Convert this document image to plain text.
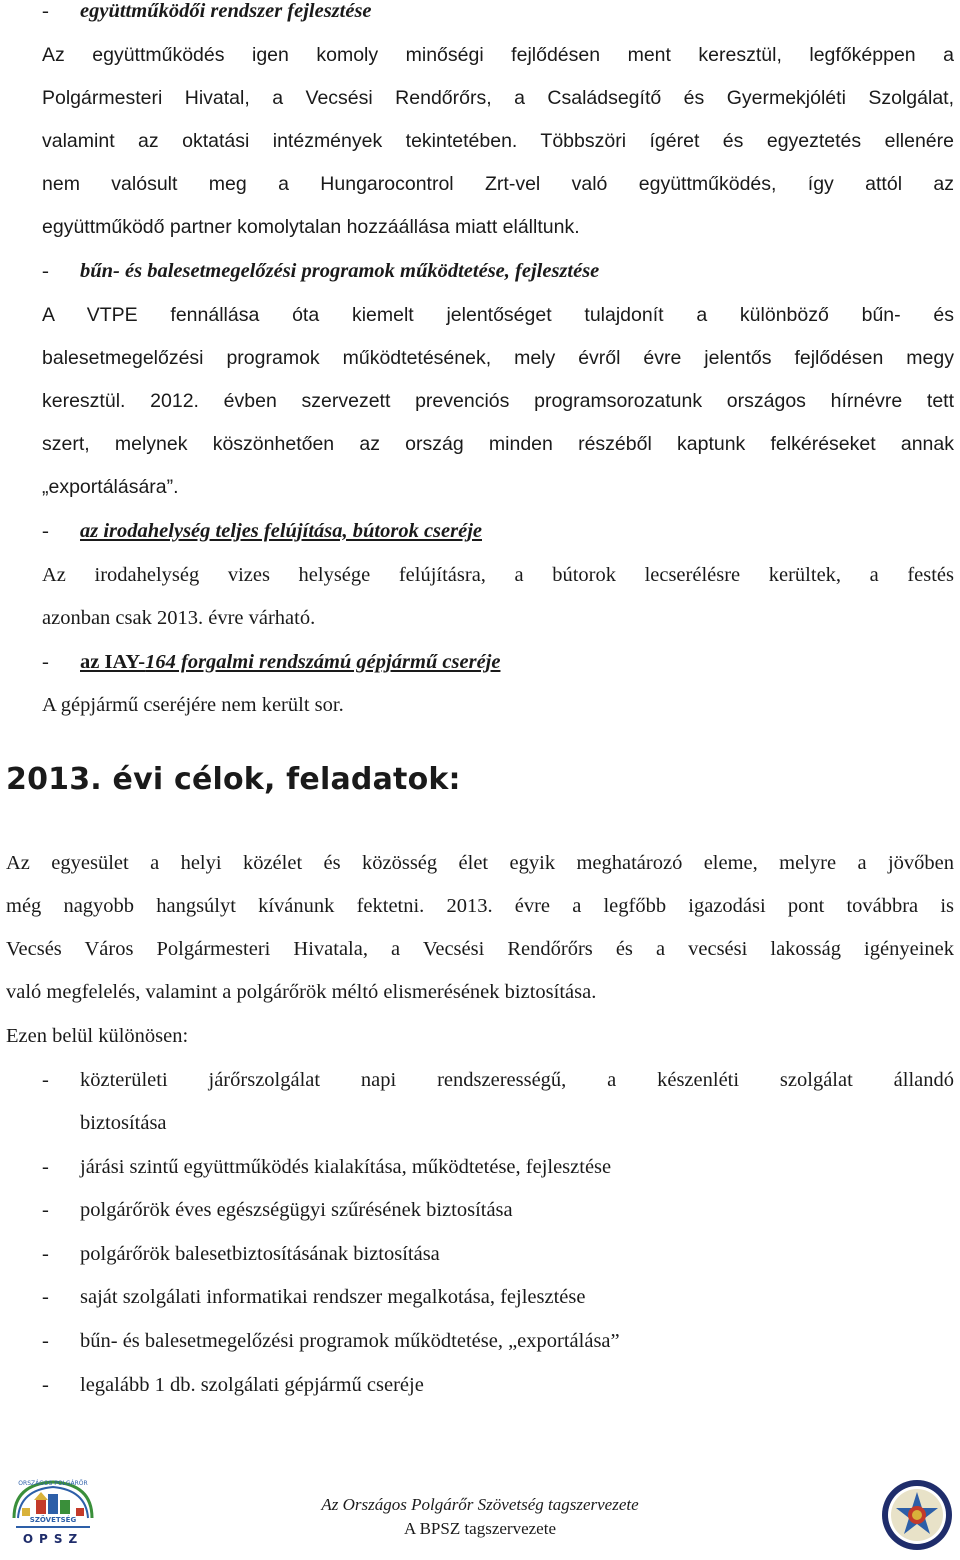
- együttműködői rendszer fejlesztése
Az együttműködés igen komoly minőségi fejlődésen ment keresztül, legfőképpen a
Polgármesteri Hivatal, a Vecsési Rendőrőrs, a Családsegítő és Gyermekjóléti Szolgálat,
valamint az oktatási intézmények tekintetében. Többszöri ígéret és egyeztetés ellenére
nem valósult meg a Hungarocontrol Zrt-vel való együttműködés, így attól az
együttműködő partner komolytalan hozzáállása miatt elálltunk.
- bűn- és balesetmegelőzési programok működtetése, fejlesztése
A VTPE fennállása óta kiemelt jelentőséget tulajdonít a különböző bűn- és
balesetmegelőzési programok működtetésének, mely évről évre jelentős fejlődésen megy
keresztül. 2012. évben szervezett prevenciós programsorozatunk országos hírnévre tett
szert, melynek köszönhetően az ország minden részéből kaptunk felkéréseket annak
„exportálására”.
- az irodahelység teljes felújítása, bútorok cseréje
Az irodahelység vizes helysége felújításra, a bútorok lecserélésre kerültek, a festés
azonban csak 2013. évre várható.
- az IAY-164 forgalmi rendszámú gépjármű cseréje
A gépjármű cseréjére nem került sor.
2013. évi célok, feladatok:
Az egyesület a helyi közélet és közösség élet egyik meghatározó eleme, melyre a jövőben
még nagyobb hangsúlyt kívánunk fektetni. 2013. évre a legfőbb igazodási pont továbbra is
Vecsés Város Polgármesteri Hivatala, a Vecsési Rendőrőrs és a vecsési lakosság igényeinek
való megfelelés, valamint a polgárőrök méltó elismerésének biztosítása.
Ezen belül különösen:
-	közterületi járőrszolgálat napi rendszerességű, a készenléti szolgálat állandó
biztosítása
-	járási szintű együttműködés kialakítása, működtetése, fejlesztése
-	polgárőrök éves egészségügyi szűrésének biztosítása
-	polgárőrök balesetbiztosításának biztosítása
-	saját szolgálati informatikai rendszer megalkotása, fejlesztése
-	bűn- és balesetmegelőzési programok működtetése, „exportálása”
-	legalább 1 db. szolgálati gépjármű cseréje
ORSZÁGOS POLGÁRŐR
SZÖVETSÉG
OPSZ
Az Országos Polgárőr Szövetség tagszervezete
A BPSZ tagszervezete
